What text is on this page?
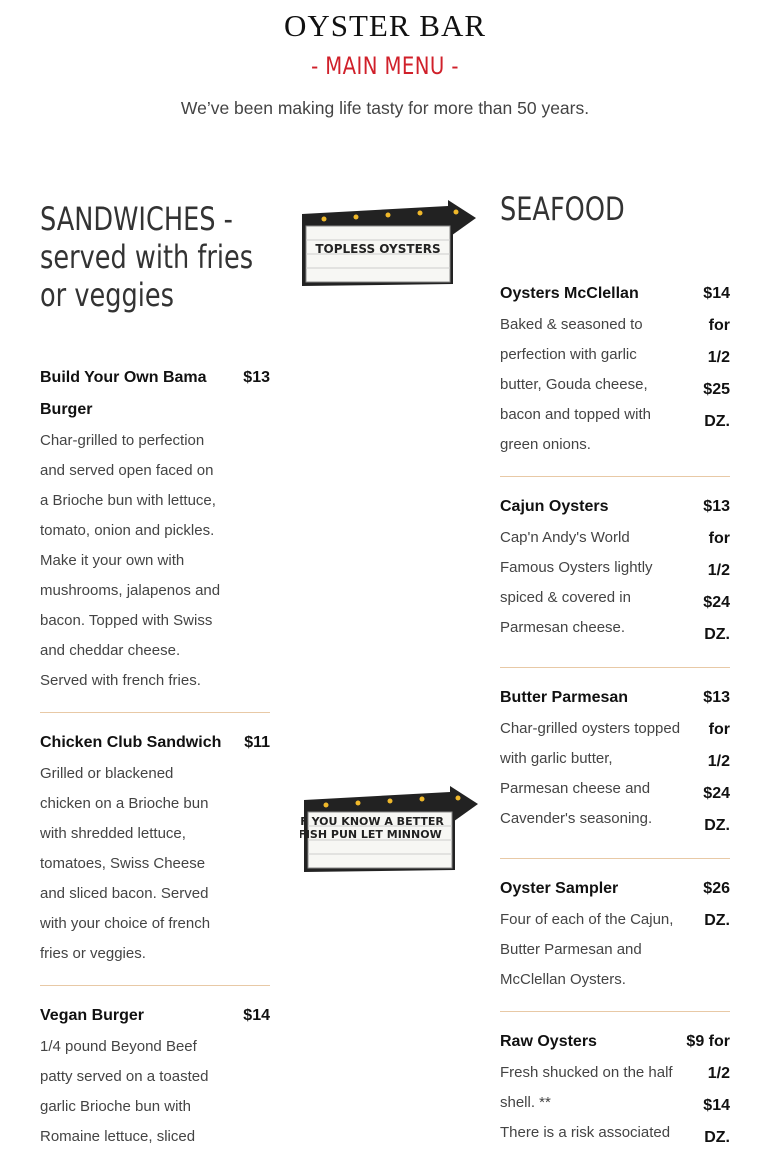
OYSTER BAR
- MAIN MENU -
We’ve been making life tasty for more than 50 years.
SANDWICHES -
served with fries
or veggies
Build Your Own Bama
Burger
$13
Char-grilled to perfection
and served open faced on
a Brioche bun with lettuce,
tomato, onion and pickles.
Make it your own with
mushrooms, jalapenos and
bacon. Topped with Swiss
and cheddar cheese.
Served with french fries.
Chicken Club Sandwich $11
Grilled or blackened
chicken on a Brioche bun
with shredded lettuce,
tomatoes, Swiss Cheese
and sliced bacon. Served
with your choice of french
fries or veggies.
Vegan Burger	$14
1/4 pound Beyond Beef
patty served on a toasted
garlic Brioche bun with
Romaine lettuce, sliced
TOPLESS OYSTERS
IF YOU KNOW A BETTER
FISH PUN LET MINNOW
SEAFOOD
Oysters McClellan	$14
for
1/2
$25
DZ.
Baked & seasoned to
perfection with garlic
butter, Gouda cheese,
bacon and topped with
green onions.
Cajun Oysters	$13
for
1/2
$24
DZ.
Cap'n Andy's World
Famous Oysters lightly
spiced & covered in
Parmesan cheese.
Butter Parmesan	$13
for
1/2
$24
DZ.
Char-grilled oysters topped
with garlic butter,
Parmesan cheese and
Cavender's seasoning.
Oyster Sampler	$26
DZ.
Four of each of the Cajun,
Butter Parmesan and
McClellan Oysters.
Raw Oysters	$9 for
1/2
$14
DZ.
Fresh shucked on the half
shell. **
There is a risk associated
